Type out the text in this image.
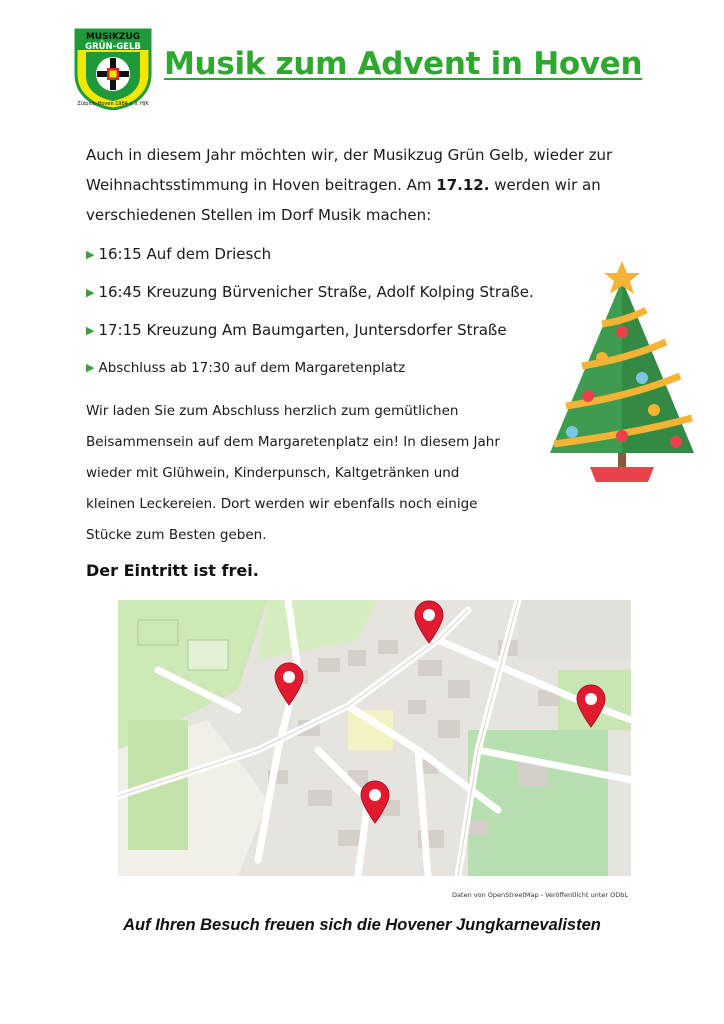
MUSIKZUG
GRÜN-GELB
Zülpich-Hoven 1984 e.V. HJK
Musik zum Advent in Hoven

Auch in diesem Jahr möchten wir, der Musikzug Grün Gelb, wieder zur Weihnachtsstimmung in Hoven beitragen. Am 17.12. werden wir an verschiedenen Stellen im Dorf Musik machen:

▶ 16:15 Auf dem Driesch
▶ 16:45 Kreuzung Bürvenicher Straße, Adolf Kolping Straße.
▶ 17:15 Kreuzung Am Baumgarten, Juntersdorfer Straße
▶ Abschluss ab 17:30 auf dem Margaretenplatz

Wir laden Sie zum Abschluss herzlich zum gemütlichen Beisammensein auf dem Margaretenplatz ein! In diesem Jahr wieder mit Glühwein, Kinderpunsch, Kaltgetränken und kleinen Leckereien. Dort werden wir ebenfalls noch einige Stücke zum Besten geben.

Der Eintritt ist frei.

Daten von OpenStreetMap - Veröffentlicht unter ODbL

Auf Ihren Besuch freuen sich die Hovener Jungkarnevalisten
